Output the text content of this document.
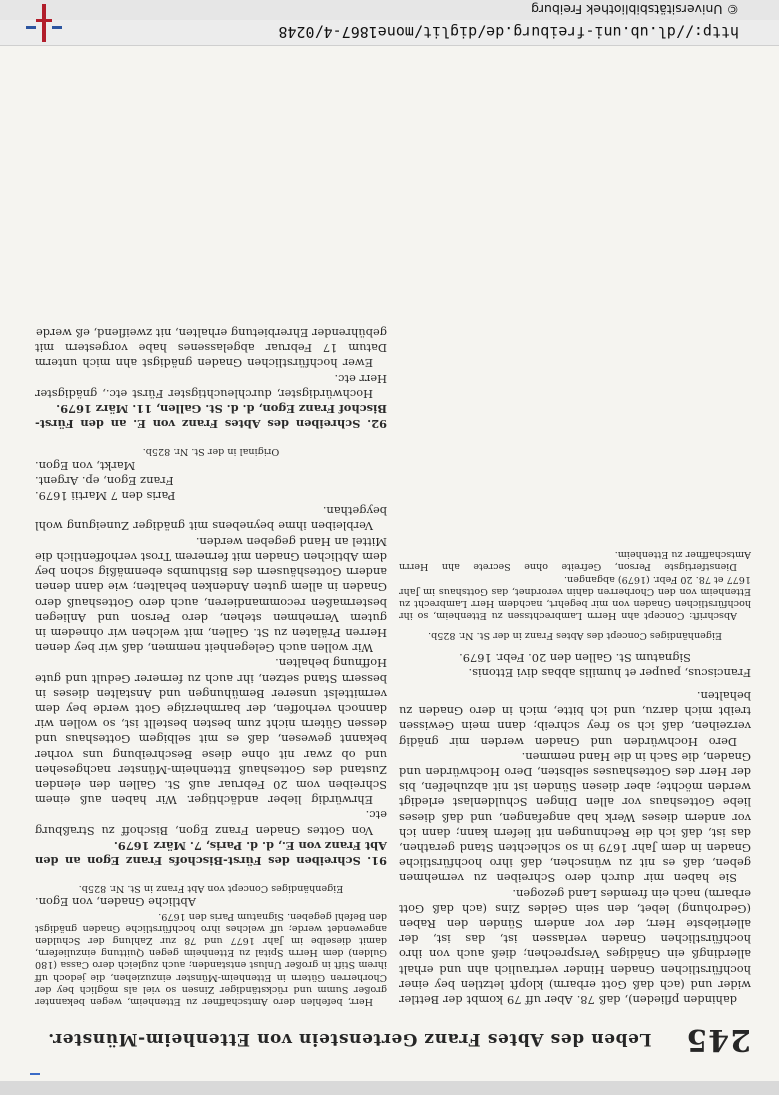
245
Leben des Abtes Franz Gertenstein von Ettenheim-Münster.

dahinden pflieden), daß 78. Aber uff 79 kombt der Bettler wider und (ach daß Gott erbarm) klopft letztlen bey einer hochfürstlichen Gnaden Hinder vertraulich ahn und erhalt allerdingß ein Gnädiges Versprechen; dieß auch von ihro hochfürstlichen Gnaden verlassen ist, das ist, der allerliebste Herr, der vor andern Sünden den Raben (Gedrohung) lebet, den sein Geldes Zins (ach daß Gott erbarm) nach ein fremdes Land gezogen.

Sie haben mir durch dero Schreiben zu vernehmen geben, daß es nit zu wünschen, daß ihro hochfürstliche Gnaden in dem Jahr 1679 in so schlechten Stand gerathen, das ist, daß ich die Rechnungen nit liefern kann; dann ich vor andern dieses Werk hab angefangen, und daß dieses liebe Gotteshaus vor allen Dingen Schuldenlast erledigt werden möchte; aber diesen Sünden ist nit abzuhelfen, bis der Herr des Gotteshauses selbsten, Dero Hochwürden und Gnaden, die Sach in die Hand nemmen.

Dero Hochwürden und Gnaden werden mir gnädig verzeihen, daß ich so frey schreib; dann mein Gewissen treibt mich darzu, und ich bitte, mich in dero Gnaden zu behalten.

Franciscus, pauper et humilis abbas divi Ettonis.

Signatum St. Gallen den 20. Febr. 1679.

Eigenhändiges Concept des Abtes Franz in der St. Nr. 825b.

Abschrift: Concept ahn Herrn Lambrechtssen zu Ettenheim, so ihr hochfürstlichen Gnaden von mir begehrt, nachdem Herr Lambrecht zu Ettenheim von den Chorherren dahin verordnet, das Gottshaus im Jahr 1677 et 78. 20 Febr. (1679) abgangen.

Dienstfertigste Person, Gefreite ohne Secrete ahn Herrn Amtschaffner zu Ettenheim.

Herr, befehlen dero Amtschaffner zu Ettenheim, wegen bekannter großer Summ und rückständiger Zinsen so viel als möglich bey der Chorherren Gütern in Ettenheim-Münster einzuziehen, die jedoch uff ihrem Stift in großer Unlust entstanden; auch zugleich dero Cassa (180 Gulden) dem Herrn Spital zu Ettenheim gegen Quittung einzuliefern, damit dieselbe im Jahr 1677 und 78 zur Zahlung der Schulden angewendet werde; uff welches ihro hochfürstliche Gnaden gnädigst den Befehl gegeben. Signatum Paris den 1679.

Abtliche Gnaden, von Egon.

Eigenhändiges Concept von Abt Franz in St. Nr. 825b.

91. Schreiben des Fürst-Bischofs Franz Egon an den Abt Franz von E., d. d. Paris, 7. März 1679.

Von Gottes Gnaden Franz Egon, Bischoff zu Straßburg etc.

Ehrwürdig lieber andächtiger. Wir haben auß einem Schreiben vom 20 Februar auß St. Gallen den elenden Zustand des Gotteshauß Ettenheim-Münster nachgesehen und ob zwar nit ohne diese Beschreibung uns vorher bekannt gewesen, daß es mit selbigem Gotteshaus und dessen Gütern nicht zum besten bestellt ist, so wollen wir dannoch verhoffen, der barmherzige Gott werde bey dem vermittelst unserer Bemühungen und Anstalten dieses in bessern Stand setzen, ihr auch zu fernerer Gedult und gute Hoffnung behalten.

Wir wollen auch Gelegenheit nemmen, daß wir bey denen Herren Prälaten zu St. Gallen, mit welchen wir ohnedem in gutem Vernehmen stehen, dero Person und Anliegen bestermaßen recommandieren, auch dero Gotteshauß dero Gnaden in allem guten Andenken behalten; wie dann denen andern Gotteshäusern des Bisthumbs ebenmäßig schon bey dem Abtlichen Gnaden mit fernerem Trost verhoffentlich die Mittel an Hand gegeben werden.

Verbleiben ihme beynebens mit gnädiger Zuneigung wohl beygethan.

Paris den 7 Martii 1679.

Franz Egon, ep. Argent.

Markt, von Egon.

Original in der St. Nr. 825b.

92. Schreiben des Abtes Franz von E. an den Fürst-Bischof Franz Egon, d. d. St. Gallen, 11. März 1679.

Hochwürdigster, durchleuchtigster Fürst etc., gnädigster Herr etc.

Ewer hochfürstlichen Gnaden gnädigst ahn mich unterm Datum 17 Februar abgelassenes habe vorgestern mit gebührender Ehrerbietung erhalten, nit zweiflend, eß werde

http://dl.ub.uni-freiburg.de/diglit/mone1867-4/0248
© Universitätsbibliothek Freiburg
